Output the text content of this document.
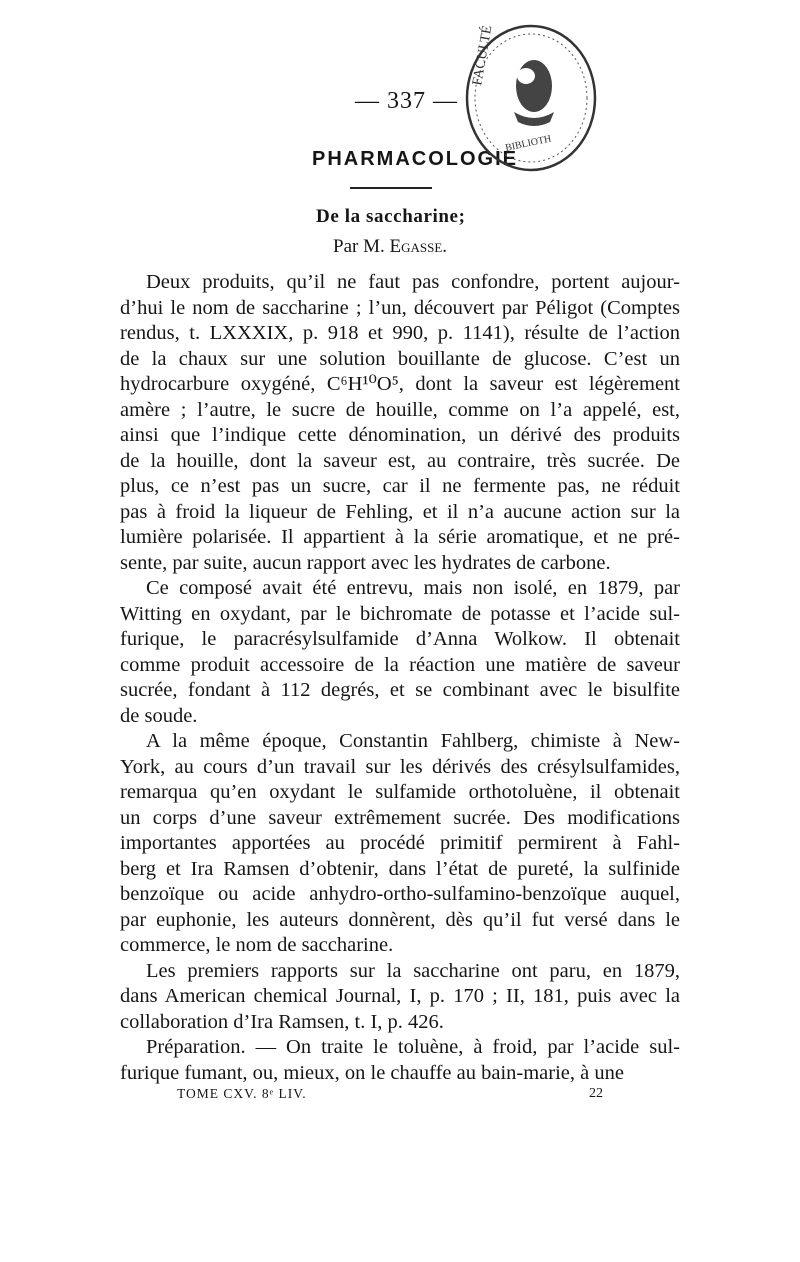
— 337 —
PHARMACOLOGIE
FACULTÉ
BIBLIOTH
De la saccharine;
Par M. Egasse.
Deux produits, qu’il ne faut pas confondre, portent aujour-
d’hui le nom de saccharine ; l’un, découvert par Péligot (Comptes
rendus, t. LXXXIX, p. 918 et 990, p. 1141), résulte de l’action
de la chaux sur une solution bouillante de glucose. C’est un
hydrocarbure oxygéné, C⁶H¹⁰O⁵, dont la saveur est légèrement
amère ; l’autre, le sucre de houille, comme on l’a appelé, est,
ainsi que l’indique cette dénomination, un dérivé des produits
de la houille, dont la saveur est, au contraire, très sucrée. De
plus, ce n’est pas un sucre, car il ne fermente pas, ne réduit
pas à froid la liqueur de Fehling, et il n’a aucune action sur la
lumière polarisée. Il appartient à la série aromatique, et ne pré-
sente, par suite, aucun rapport avec les hydrates de carbone.
Ce composé avait été entrevu, mais non isolé, en 1879, par
Witting en oxydant, par le bichromate de potasse et l’acide sul-
furique, le paracrésylsulfamide d’Anna Wolkow. Il obtenait
comme produit accessoire de la réaction une matière de saveur
sucrée, fondant à 112 degrés, et se combinant avec le bisulfite
de soude.
A la même époque, Constantin Fahlberg, chimiste à New-
York, au cours d’un travail sur les dérivés des crésylsulfamides,
remarqua qu’en oxydant le sulfamide orthotoluène, il obtenait
un corps d’une saveur extrêmement sucrée. Des modifications
importantes apportées au procédé primitif permirent à Fahl-
berg et Ira Ramsen d’obtenir, dans l’état de pureté, la sulfinide
benzoïque ou acide anhydro-ortho-sulfamino-benzoïque auquel,
par euphonie, les auteurs donnèrent, dès qu’il fut versé dans le
commerce, le nom de saccharine.
Les premiers rapports sur la saccharine ont paru, en 1879,
dans American chemical Journal, I, p. 170 ; II, 181, puis avec la
collaboration d’Ira Ramsen, t. I, p. 426.
Préparation. — On traite le toluène, à froid, par l’acide sul-
furique fumant, ou, mieux, on le chauffe au bain-marie, à une
TOME CXV. 8ᵉ LIV.	22
